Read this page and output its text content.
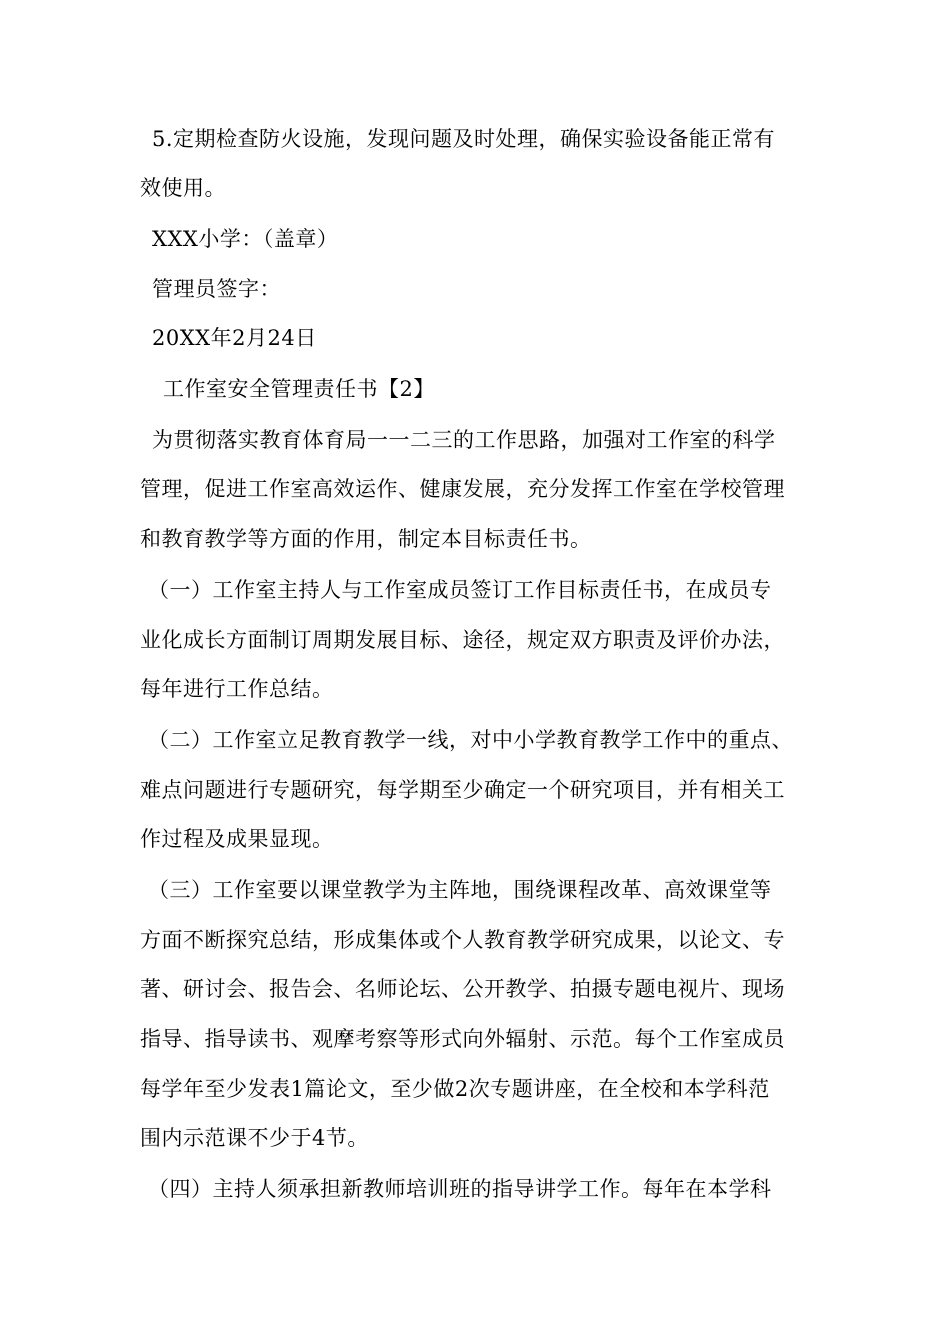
5.定期检查防火设施，发现问题及时处理，确保实验设备能正常有
效使用。
XXX小学：（盖章）
管理员签字：
20XX年2月24日
工作室安全管理责任书【2】
为贯彻落实教育体育局一一二三的工作思路，加强对工作室的科学
管理，促进工作室高效运作、健康发展，充分发挥工作室在学校管理
和教育教学等方面的作用，制定本目标责任书。
（一）工作室主持人与工作室成员签订工作目标责任书，在成员专
业化成长方面制订周期发展目标、途径，规定双方职责及评价办法，
每年进行工作总结。
（二）工作室立足教育教学一线，对中小学教育教学工作中的重点、
难点问题进行专题研究，每学期至少确定一个研究项目，并有相关工
作过程及成果显现。
（三）工作室要以课堂教学为主阵地，围绕课程改革、高效课堂等
方面不断探究总结，形成集体或个人教育教学研究成果，以论文、专
著、研讨会、报告会、名师论坛、公开教学、拍摄专题电视片、现场
指导、指导读书、观摩考察等形式向外辐射、示范。每个工作室成员
每学年至少发表1篇论文，至少做2次专题讲座，在全校和本学科范
围内示范课不少于4节。
（四）主持人须承担新教师培训班的指导讲学工作。每年在本学科
